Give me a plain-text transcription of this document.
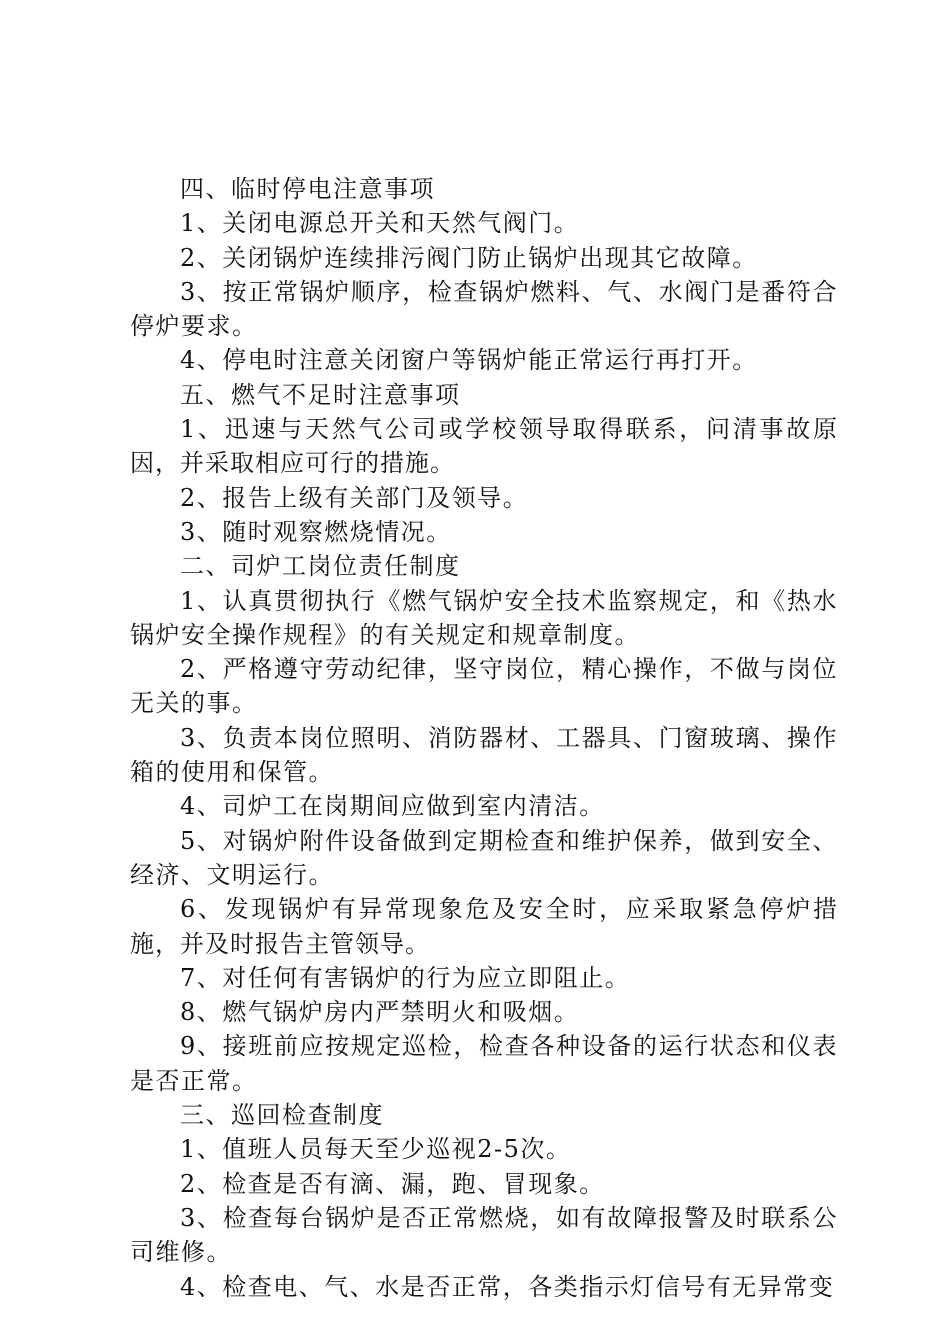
四、临时停电注意事项

1、关闭电源总开关和天然气阀门。

2、关闭锅炉连续排污阀门防止锅炉出现其它故障。

3、按正常锅炉顺序，检查锅炉燃料、气、水阀门是番符合停炉要求。

4、停电时注意关闭窗户等锅炉能正常运行再打开。

五、燃气不足时注意事项

1、迅速与天然气公司或学校领导取得联系，问清事故原因，并采取相应可行的措施。

2、报告上级有关部门及领导。

3、随时观察燃烧情况。

二、司炉工岗位责任制度

1、认真贯彻执行《燃气锅炉安全技术监察规定，和《热水锅炉安全操作规程》的有关规定和规章制度。

2、严格遵守劳动纪律，坚守岗位，精心操作，不做与岗位无关的事。

3、负责本岗位照明、消防器材、工器具、门窗玻璃、操作箱的使用和保管。

4、司炉工在岗期间应做到室内清洁。

5、对锅炉附件设备做到定期检查和维护保养，做到安全、经济、文明运行。

6、发现锅炉有异常现象危及安全时，应采取紧急停炉措施，并及时报告主管领导。

7、对任何有害锅炉的行为应立即阻止。

8、燃气锅炉房内严禁明火和吸烟。

9、接班前应按规定巡检，检查各种设备的运行状态和仪表是否正常。

三、巡回检查制度

1、值班人员每天至少巡视2-5次。

2、检查是否有滴、漏，跑、冒现象。

3、检查每台锅炉是否正常燃烧，如有故障报警及时联系公司维修。

4、检查电、气、水是否正常，各类指示灯信号有无异常变
